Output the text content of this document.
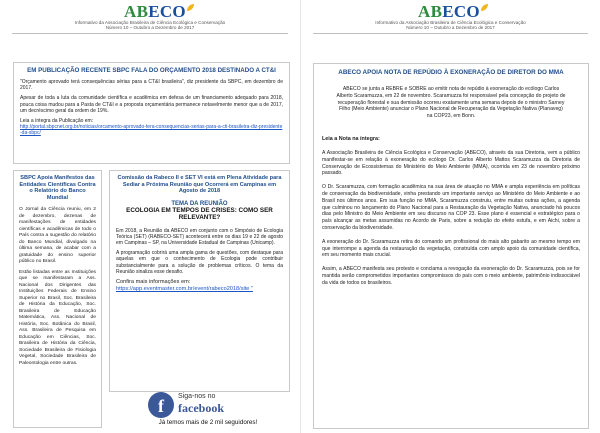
ABECO
Informativo da Associação Brasileira de Ciência Ecológica e Conservação
Número 10 – Outubro a Dezembro de 2017
EM PUBLICAÇÃO RECENTE SBPC FALA DO ORÇAMENTO 2018 DESTINADO A CT&I

"Orçamento aprovado terá consequências sérias para a CT&I brasileira", diz presidente da SBPC, em dezembro de 2017.

Apesar de toda a luta da comunidade científica e acadêmica em defesa de um financiamento adequado para 2018, pouca coisa mudou para a Pasta de CT&I e a proposta orçamentária permanece notavelmente menor que a de 2017, um decréscimo geral da ordem de 19%.

Leia a íntegra da Publicação em:
http://portal.sbpcnet.org.br/noticias/orcamento-aprovado-tera-consequencias-serias-para-a-cti-brasileira-diz-presidente-da-sbpc/
SBPC Apoia Manifestos das Entidades Científicas Contra o Relatório do Banco Mundial

O Jornal da Ciência reuniu, em 2 de dezembro, dezenas de manifestações de entidades científicas e acadêmicas de todo o País contra a sugestão do relatório do Banco Mundial, divulgado na última semana, de acabar com a gratuidade do ensino superior público no Brasil.

Estão listadas entre as Instituições que se manifestaram a Ass. Nacional dos Dirigentes das Instituições Federais de Ensino Superior no Brasil, Soc. Brasileira de História da Educação, Soc. Brasileira de Educação Matemática, Ass. Nacional de História, Soc. Botânica do Brasil, Ass. Brasileira de Pesquisa em Educação em Ciências, Soc. Brasileira de História da Ciência, Sociedade Brasileira de Fisiologia Vegetal, Sociedade Brasileira de Paleontologia entre outras.

Comissão da Rabeco II e SET VI está em Plena Atividade para Sediar a Próxima Reunião que Ocorrerá em Campinas em Agosto de 2018
TEMA DA REUNIÃO
ECOLOGIA EM TEMPOS DE CRISES: COMO SER RELEVANTE?

Em 2018, a Reunião da ABECO em conjunto com o Simpósio de Ecologia Teórica (SET) (RABECO-SET) acontecerá entre os dias 19 e 22 de agosto em Campinas – SP, na Universidade Estadual de Campinas (Unicamp).

A programação cobrirá uma ampla gama de questões, com destaque para aquelas em que o conhecimento de Ecologia pode contribuir substancialmente para a solução de problemas críticos. O tema da Reunião sinaliza esse desafio.

Confira mais informações em:
https://app.eventmaster.com.br/event/rabeco2018/site "
f	Siga-nos no
facebook
Já temos mais de 2 mil seguidores!
ABECO
Informativo da Associação Brasileira de Ciência Ecológica e Conservação
Número 10 – Outubro a Dezembro de 2017
ABECO APOIA NOTA DE REPÚDIO À EXONERAÇÃO DE DIRETOR DO MMA
ABECO se junta a REBRE e SOBRE ao emitir nota de repúdio à exoneração do ecólogo Carlos Alberto Scaramuzza, em 22 de novembro. Scaramuzza foi responsável pela concepção do projeto de recuperação florestal e sua demissão ocorreu exatamente uma semana depois de o ministro Sarney Filho (Meio Ambiente) anunciar o Plano Nacional de Recuperação da Vegetação Nativa (Planaveg) na COP23, em Bonn.
Leia a Nota na íntegra:

A Associação Brasileira de Ciência Ecológica e Conservação (ABECO), através da sua Diretoria, vem a público manifestar-se em relação à exoneração do ecólogo Dr. Carlos Alberto Mattos Scaramuzza da Diretoria de Conservação de Ecossistemas do Ministério do Meio Ambiente (MMA), ocorrida em 23 de novembro próximo passado.

O Dr. Scaramuzza, com formação acadêmica na sua área de atuação no MMA e ampla experiência em políticas de conservação da biodiversidade, vinha prestando um importante serviço ao Ministério do Meio Ambiente e ao Brasil nos últimos anos. Em sua função no MMA, Scaramuzza construiu, entre muitas outras ações, a agenda que culminou no lançamento do Plano Nacional para a Restauração da Vegetação Nativa, anunciado há poucos dias pelo Ministro do Meio Ambiente em seu discurso na COP 23. Esse plano é essencial e estratégico para o país alcançar as metas assumidas no Acordo de Paris, sobre a redução do efeito estufa, e em Aichi, sobre a conservação da biodiversidade.

A exoneração do Dr. Scaramuzza retira do comando um profissional do mais alto gabarito ao mesmo tempo em que interrompe a agenda da restauração da vegetação, construída com amplo apoio da comunidade científica, em seu momento mais crucial.

Assim, a ABECO manifesta seu protesto e conclama a revogação da exoneração do Dr. Scaramuzza, pois se for mantida serão comprometidos importantes compromissos do país com o meio ambiente, patrimônio indissociável da vida de todos os brasileiros.
